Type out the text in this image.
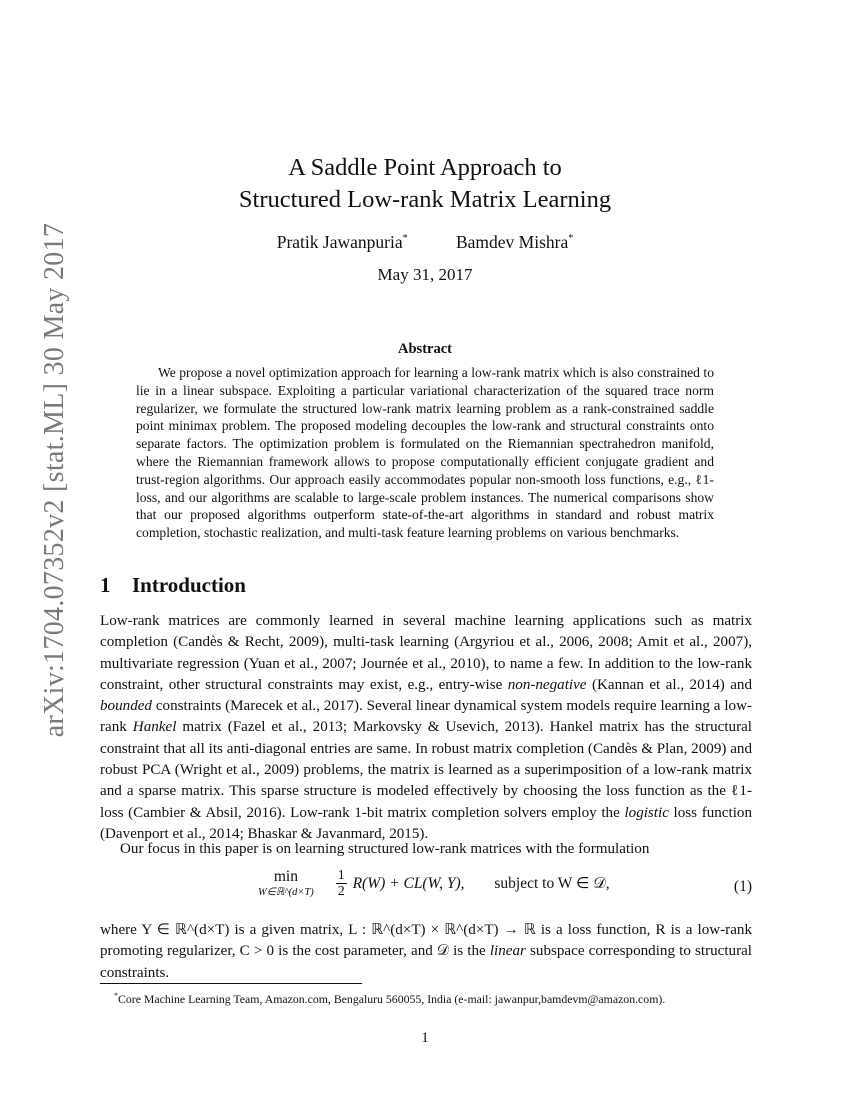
arXiv:1704.07352v2 [stat.ML] 30 May 2017
A Saddle Point Approach to
Structured Low-rank Matrix Learning
Pratik Jawanpuria*	Bamdev Mishra*
May 31, 2017
Abstract
We propose a novel optimization approach for learning a low-rank matrix which is also constrained to lie in a linear subspace. Exploiting a particular variational characterization of the squared trace norm regularizer, we formulate the structured low-rank matrix learning problem as a rank-constrained saddle point minimax problem. The proposed modeling decouples the low-rank and structural constraints onto separate factors. The optimization problem is formulated on the Riemannian spectrahedron manifold, where the Riemannian framework allows to propose computationally efficient conjugate gradient and trust-region algorithms. Our approach easily accommodates popular non-smooth loss functions, e.g., ℓ1-loss, and our algorithms are scalable to large-scale problem instances. The numerical comparisons show that our proposed algorithms outperform state-of-the-art algorithms in standard and robust matrix completion, stochastic realization, and multi-task feature learning problems on various benchmarks.
1 Introduction
Low-rank matrices are commonly learned in several machine learning applications such as matrix completion (Candès & Recht, 2009), multi-task learning (Argyriou et al., 2006, 2008; Amit et al., 2007), multivariate regression (Yuan et al., 2007; Journée et al., 2010), to name a few. In addition to the low-rank constraint, other structural constraints may exist, e.g., entry-wise non-negative (Kannan et al., 2014) and bounded constraints (Marecek et al., 2017). Several linear dynamical system models require learning a low-rank Hankel matrix (Fazel et al., 2013; Markovsky & Usevich, 2013). Hankel matrix has the structural constraint that all its anti-diagonal entries are same. In robust matrix completion (Candès & Plan, 2009) and robust PCA (Wright et al., 2009) problems, the matrix is learned as a superimposition of a low-rank matrix and a sparse matrix. This sparse structure is modeled effectively by choosing the loss function as the ℓ1-loss (Cambier & Absil, 2016). Low-rank 1-bit matrix completion solvers employ the logistic loss function (Davenport et al., 2014; Bhaskar & Javanmard, 2015).
Our focus in this paper is on learning structured low-rank matrices with the formulation
min
W∈ℝ^(d×T)
$\frac{1}{2} R(W) + CL(W$, Y), subject to W ∈ 𝒟,	(1)
where Y ∈ ℝ^(d×T) is a given matrix, L : ℝ^(d×T) × ℝ^(d×T) → ℝ is a loss function, R is a low-rank promoting regularizer, C > 0 is the cost parameter, and 𝒟 is the linear subspace corresponding to structural constraints.
*Core Machine Learning Team, Amazon.com, Bengaluru 560055, India (e-mail: jawanpur,bamdevm@amazon.com).
1
